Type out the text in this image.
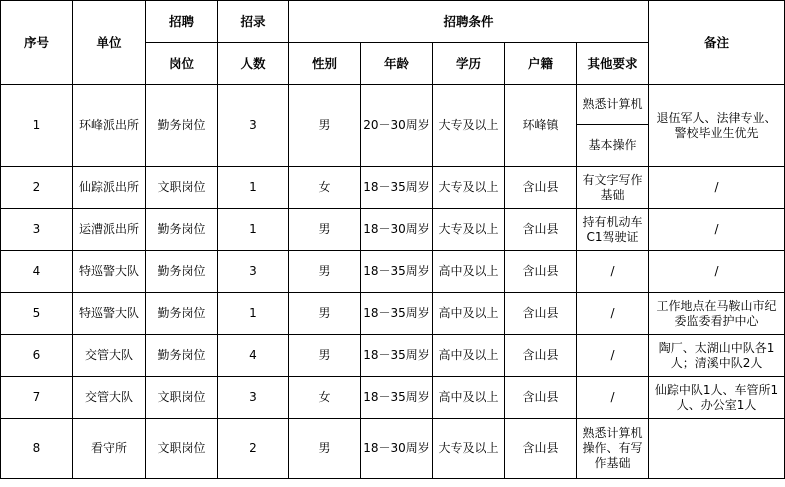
序号	单位	招聘	招录	招聘条件					备注
		岗位	人数	性别	年龄	学历	户籍	其他要求	
1	环峰派出所	勤务岗位	3	男	20－30周岁	大专及以上	环峰镇	熟悉计算机	退伍军人、法律专业、警校毕业生优先
								基本操作	
2	仙踪派出所	文职岗位	1	女	18－35周岁	大专及以上	含山县	有文字写作基础	/
3	运漕派出所	勤务岗位	1	男	18－30周岁	大专及以上	含山县	持有机动车C1驾驶证	/
4	特巡警大队	勤务岗位	3	男	18－35周岁	高中及以上	含山县	/	/
5	特巡警大队	勤务岗位	1	男	18－35周岁	高中及以上	含山县	/	工作地点在马鞍山市纪委监委看护中心
6	交管大队	勤务岗位	4	男	18－35周岁	高中及以上	含山县	/	陶厂、太湖山中队各1人；清溪中队2人
7	交管大队	文职岗位	3	女	18－35周岁	高中及以上	含山县	/	仙踪中队1人、车管所1人、办公室1人
8	看守所	文职岗位	2	男	18－30周岁	大专及以上	含山县	熟悉计算机操作、有写作基础	
